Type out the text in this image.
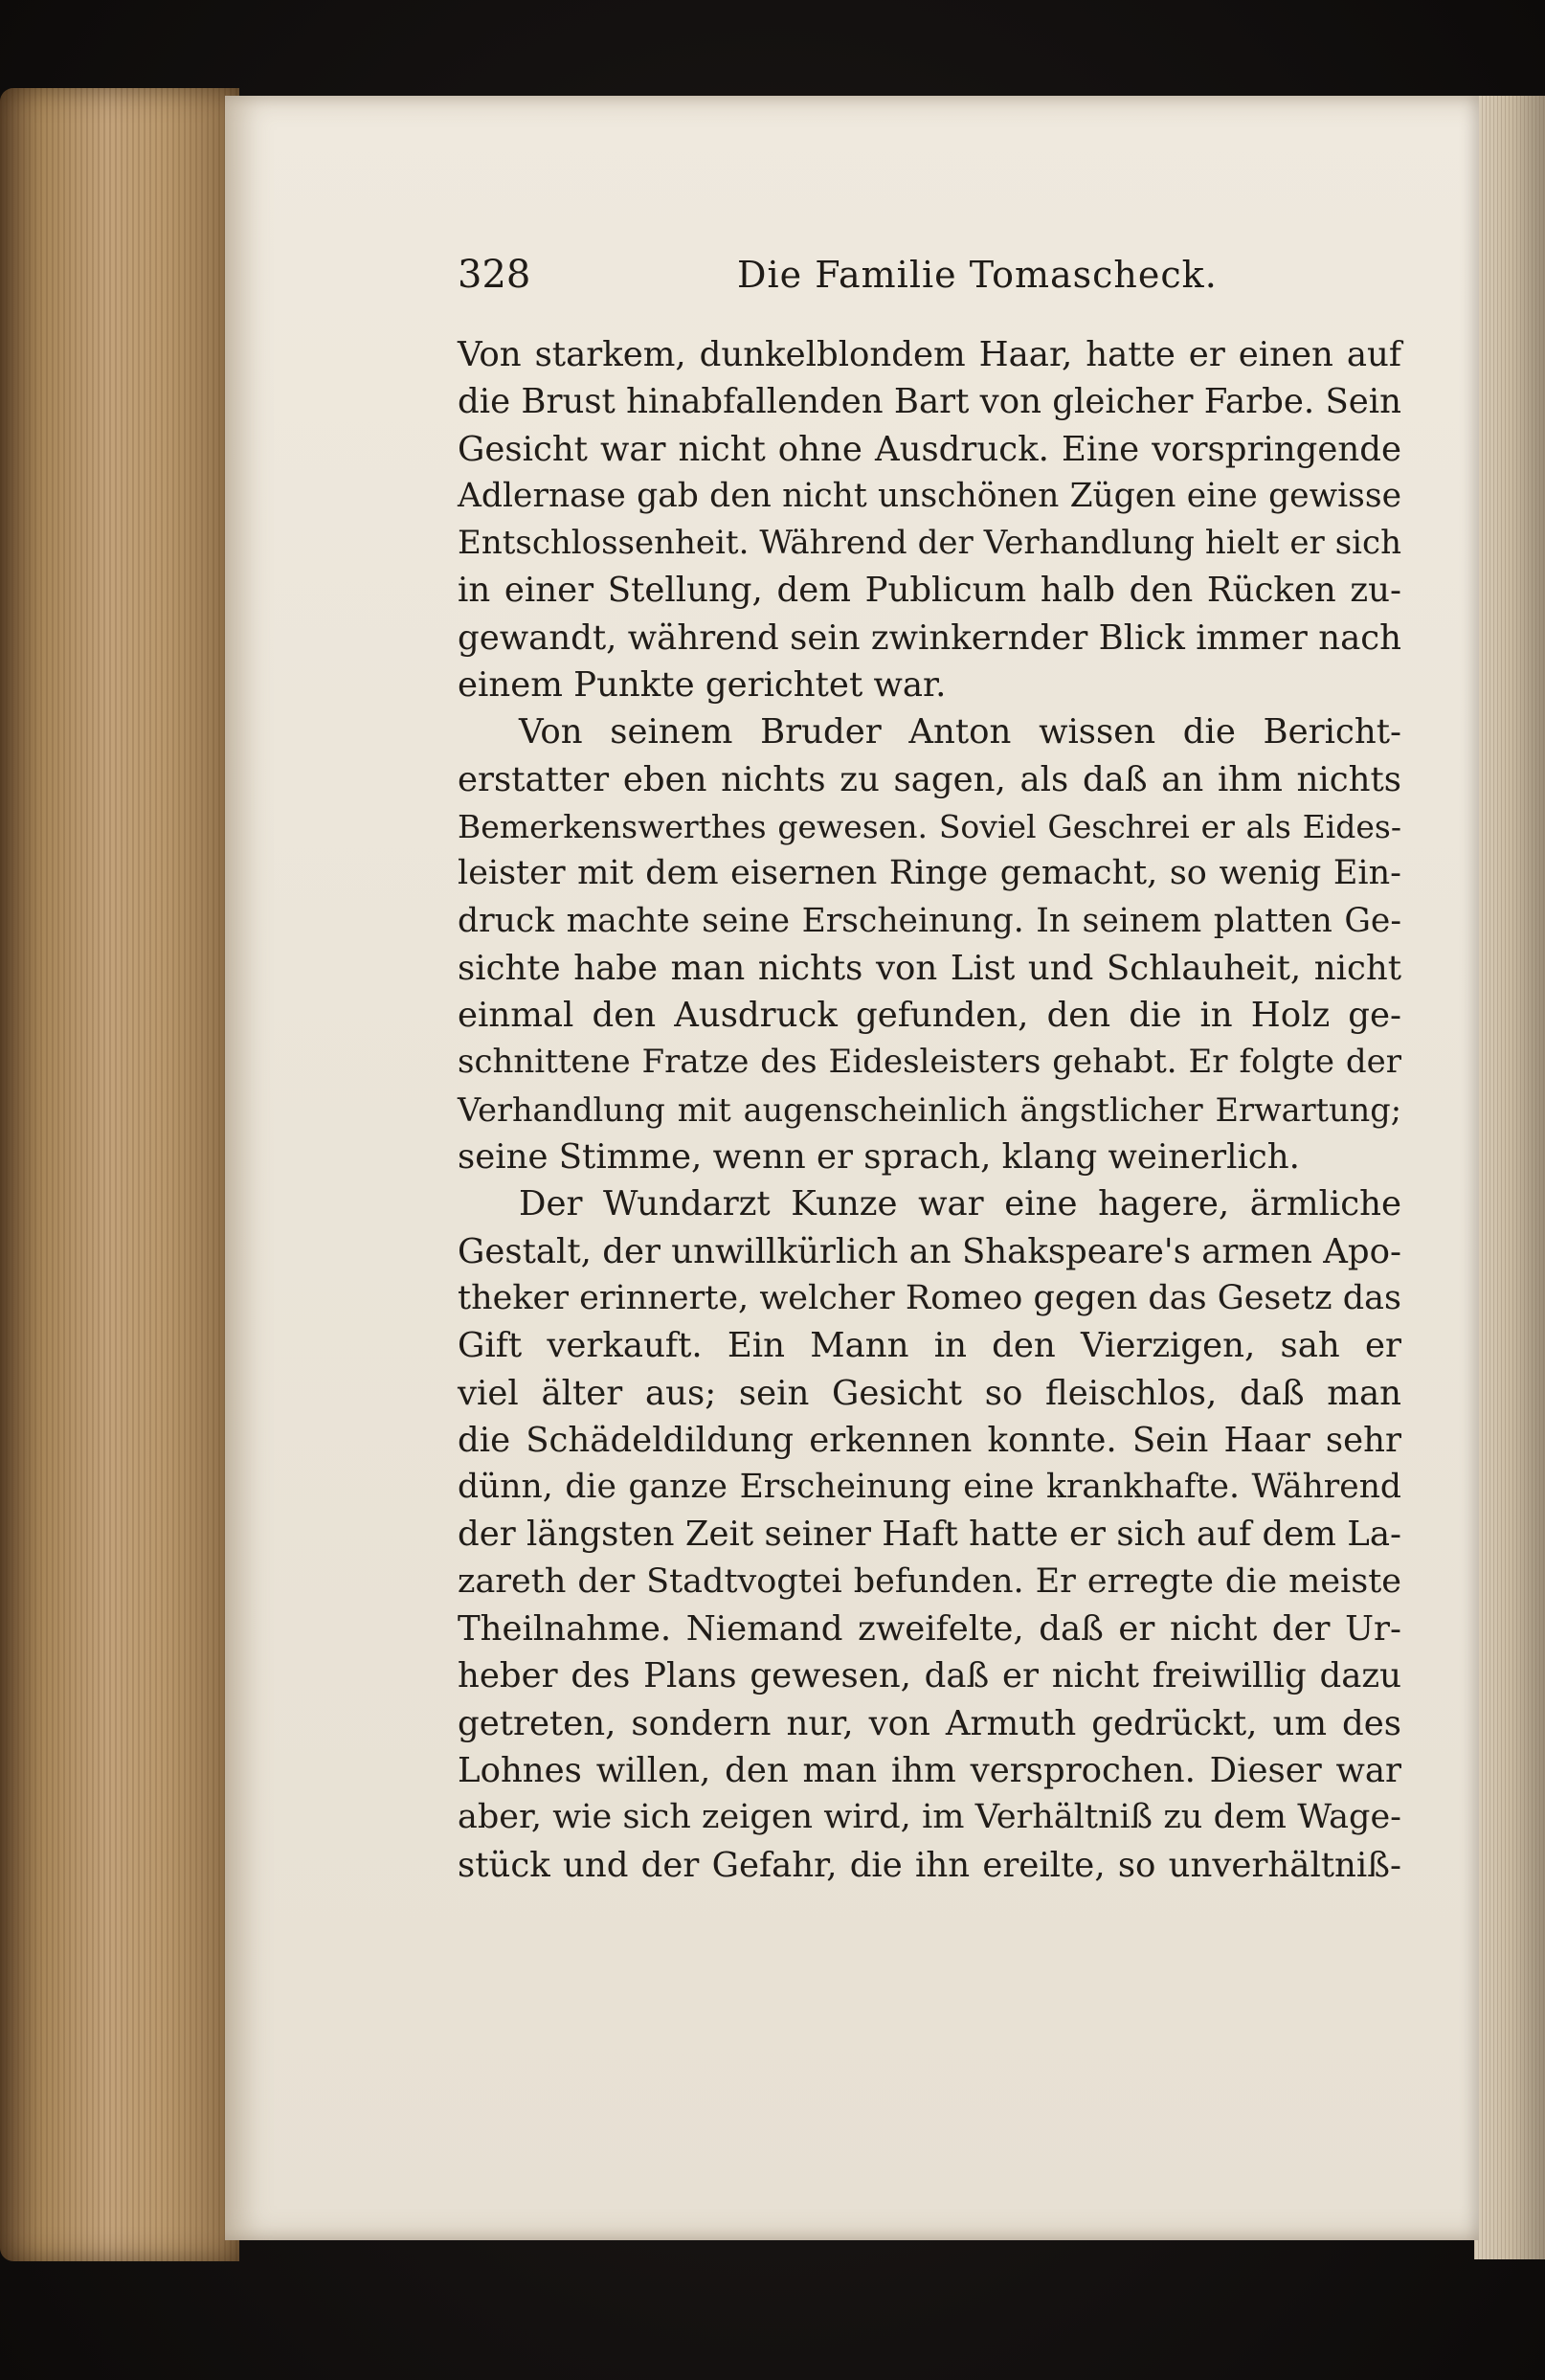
328	Die Familie Tomascheck.
Von starkem, dunkelblondem Haar, hatte er einen auf
die Brust hinabfallenden Bart von gleicher Farbe. Sein
Gesicht war nicht ohne Ausdruck. Eine vorspringende
Adlernase gab den nicht unschönen Zügen eine gewisse
Entschlossenheit. Während der Verhandlung hielt er sich
in einer Stellung, dem Publicum halb den Rücken zu-
gewandt, während sein zwinkernder Blick immer nach
einem Punkte gerichtet war.
Von seinem Bruder Anton wissen die Bericht-
erstatter eben nichts zu sagen, als daß an ihm nichts
Bemerkenswerthes gewesen. Soviel Geschrei er als Eides-
leister mit dem eisernen Ringe gemacht, so wenig Ein-
druck machte seine Erscheinung. In seinem platten Ge-
sichte habe man nichts von List und Schlauheit, nicht
einmal den Ausdruck gefunden, den die in Holz ge-
schnittene Fratze des Eidesleisters gehabt. Er folgte der
Verhandlung mit augenscheinlich ängstlicher Erwartung;
seine Stimme, wenn er sprach, klang weinerlich.
Der Wundarzt Kunze war eine hagere, ärmliche
Gestalt, der unwillkürlich an Shakspeare's armen Apo-
theker erinnerte, welcher Romeo gegen das Gesetz das
Gift verkauft. Ein Mann in den Vierzigen, sah er
viel älter aus; sein Gesicht so fleischlos, daß man
die Schädeldildung erkennen konnte. Sein Haar sehr
dünn, die ganze Erscheinung eine krankhafte. Während
der längsten Zeit seiner Haft hatte er sich auf dem La-
zareth der Stadtvogtei befunden. Er erregte die meiste
Theilnahme. Niemand zweifelte, daß er nicht der Ur-
heber des Plans gewesen, daß er nicht freiwillig dazu
getreten, sondern nur, von Armuth gedrückt, um des
Lohnes willen, den man ihm versprochen. Dieser war
aber, wie sich zeigen wird, im Verhältniß zu dem Wage-
stück und der Gefahr, die ihn ereilte, so unverhältniß-
